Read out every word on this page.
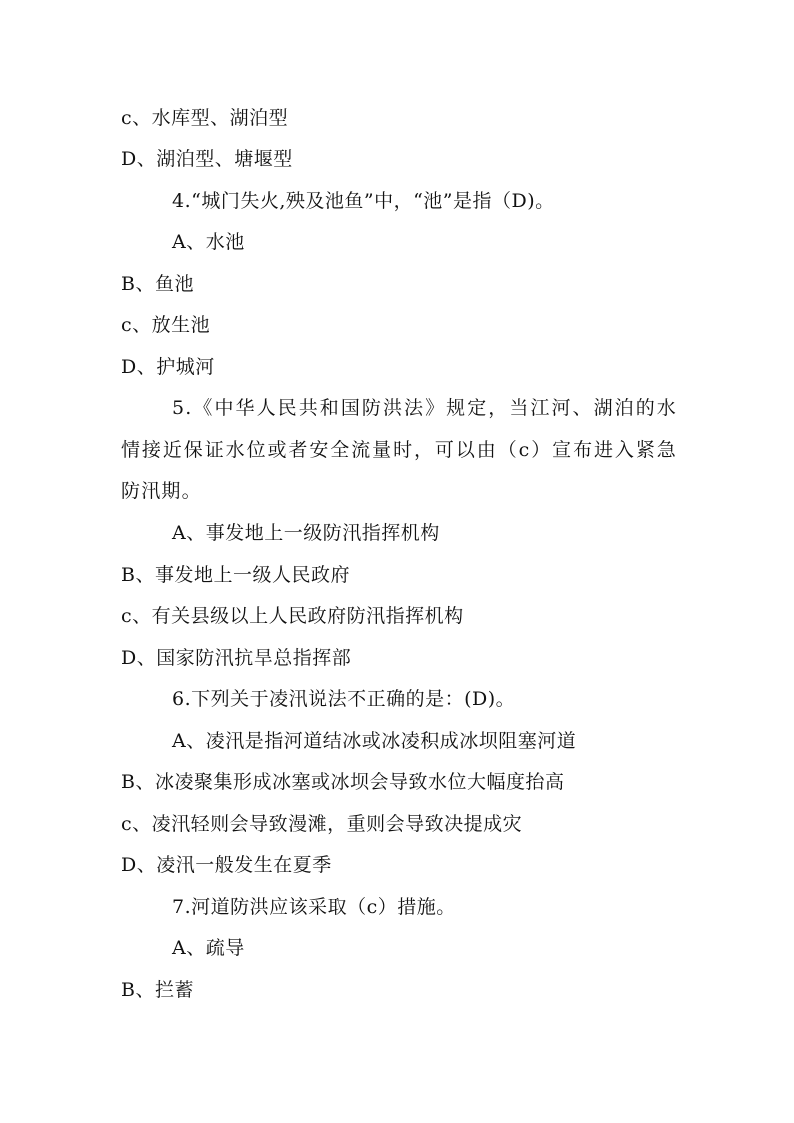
c、水库型、湖泊型
D、湖泊型、塘堰型
4.“城门失火,殃及池鱼”中，“池”是指（D)。
A、水池
B、鱼池
c、放生池
D、护城河
5.《中华人民共和国防洪法》规定，当江河、湖泊的水情接近保证水位或者安全流量时，可以由（c）宣布进入紧急防汛期。
A、事发地上一级防汛指挥机构
B、事发地上一级人民政府
c、有关县级以上人民政府防汛指挥机构
D、国家防汛抗旱总指挥部
6.下列关于凌汛说法不正确的是：(D)。
A、凌汛是指河道结冰或冰凌积成冰坝阻塞河道
B、冰凌聚集形成冰塞或冰坝会导致水位大幅度抬高
c、凌汛轻则会导致漫滩，重则会导致决提成灾
D、凌汛一般发生在夏季
7.河道防洪应该采取（c）措施。
A、疏导
B、拦蓄
